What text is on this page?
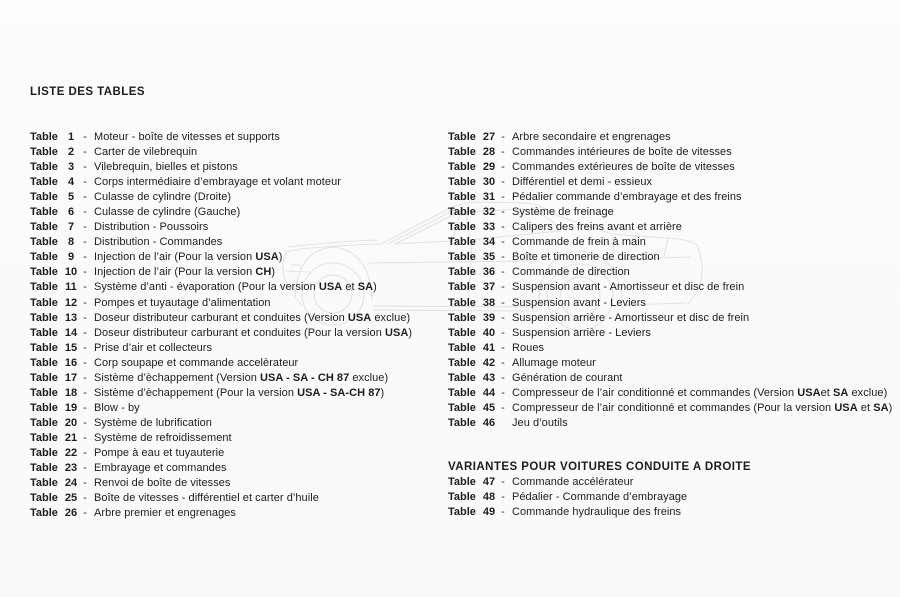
LISTE DES TABLES
Table 1 - Moteur - boîte de vitesses et supports
Table 2 - Carter de vilebrequin
Table 3 - Vilebrequin, bielles et pistons
Table 4 - Corps intermédiaire d’embrayage et volant moteur
Table 5 - Culasse de cylindre (Droite)
Table 6 - Culasse de cylindre (Gauche)
Table 7 - Distribution - Poussoirs
Table 8 - Distribution - Commandes
Table 9 - Injection de l’air (Pour la version USA)
Table 10 - Injection de l’air (Pour la version CH)
Table 11 - Système d’anti - évaporation (Pour la version USA et SA)
Table 12 - Pompes et tuyautage d’alimentation
Table 13 - Doseur distributeur carburant et conduites (Version USA exclue)
Table 14 - Doseur distributeur carburant et conduites (Pour la version USA)
Table 15 - Prise d’air et collecteurs
Table 16 - Corp soupape et commande accelèrateur
Table 17 - Sistème d’èchappement (Version USA - SA - CH 87 exclue)
Table 18 - Sistème d’èchappement (Pour la version USA - SA-CH 87)
Table 19 - Blow - by
Table 20 - Système de lubrification
Table 21 - Système de refroidissement
Table 22 - Pompe à eau et tuyauterie
Table 23 - Embrayage et commandes
Table 24 - Renvoi de boîte de vitesses
Table 25 - Boîte de vitesses - différentiel et carter d’huile
Table 26 - Arbre premier et engrenages
Table 27 - Arbre secondaire et engrenages
Table 28 - Commandes intérieures de boîte de vitesses
Table 29 - Commandes extérieures de boîte de vitesses
Table 30 - Différentiel et demi - essieux
Table 31 - Pédalier commande d’embrayage et des freins
Table 32 - Système de freinage
Table 33 - Calipers des freins avant et arrière
Table 34 - Commande de frein à main
Table 35 - Boîte et timonerie de direction
Table 36 - Commande de direction
Table 37 - Suspension avant - Amortisseur et disc de frein
Table 38 - Suspension avant - Leviers
Table 39 - Suspension arrière - Amortisseur et disc de frein
Table 40 - Suspension arrière - Leviers
Table 41 - Roues
Table 42 - Allumage moteur
Table 43 - Génération de courant
Table 44 - Compresseur de l’air conditionné et commandes (Version USAet SA exclue)
Table 45 - Compresseur de l’air conditionné et commandes (Pour la version USA et SA)
Table 46 Jeu d’outils
VARIANTES POUR VOITURES CONDUITE A DROITE
Table 47 - Commande accélérateur
Table 48 - Pédalier - Commande d’embrayage
Table 49 - Commande hydraulique des freins
